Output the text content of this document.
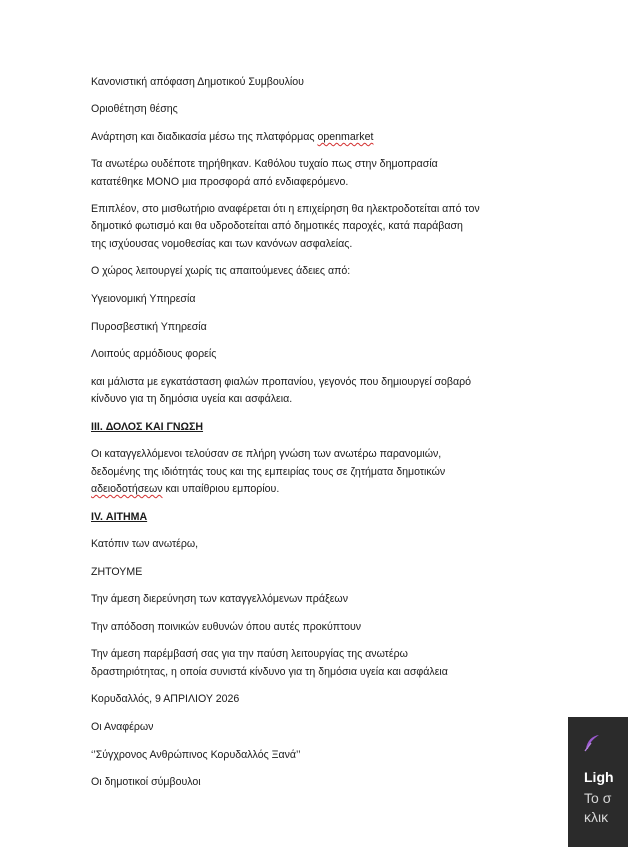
Κανονιστική απόφαση Δημοτικού Συμβουλίου
Οριοθέτηση θέσης
Ανάρτηση και διαδικασία μέσω της πλατφόρμας openmarket
Τα ανωτέρω ουδέποτε τηρήθηκαν. Καθόλου τυχαίο πως στην δημοπρασία
κατατέθηκε ΜΟΝΟ μια προσφορά από ενδιαφερόμενο.
Επιπλέον, στο μισθωτήριο αναφέρεται ότι η επιχείρηση θα ηλεκτροδοτείται από τον
δημοτικό φωτισμό και θα υδροδοτείται από δημοτικές παροχές, κατά παράβαση
της ισχύουσας νομοθεσίας και των κανόνων ασφαλείας.
Ο χώρος λειτουργεί χωρίς τις απαιτούμενες άδειες από:
Υγειονομική Υπηρεσία
Πυροσβεστική Υπηρεσία
Λοιπούς αρμόδιους φορείς
και μάλιστα με εγκατάσταση φιαλών προπανίου, γεγονός που δημιουργεί σοβαρό
κίνδυνο για τη δημόσια υγεία και ασφάλεια.
III. ΔΟΛΟΣ ΚΑΙ ΓΝΩΣΗ
Οι καταγγελλόμενοι τελούσαν σε πλήρη γνώση των ανωτέρω παρανομιών,
δεδομένης της ιδιότητάς τους και της εμπειρίας τους σε ζητήματα δημοτικών
αδειοδοτήσεων και υπαίθριου εμπορίου.
IV. ΑΙΤΗΜΑ
Κατόπιν των ανωτέρω,
ΖΗΤΟΥΜΕ
Την άμεση διερεύνηση των καταγγελλόμενων πράξεων
Την απόδοση ποινικών ευθυνών όπου αυτές προκύπτουν
Την άμεση παρέμβασή σας για την παύση λειτουργίας της ανωτέρω
δραστηριότητας, η οποία συνιστά κίνδυνο για τη δημόσια υγεία και ασφάλεια
Κορυδαλλός, 9 ΑΠΡΙΛΙΟΥ 2026
Οι Αναφέρων
‘’Σύγχρονος Ανθρώπινος Κορυδαλλός Ξανά’’
Οι δημοτικοί σύμβουλοι	Ligh
Το σ
κλικ
